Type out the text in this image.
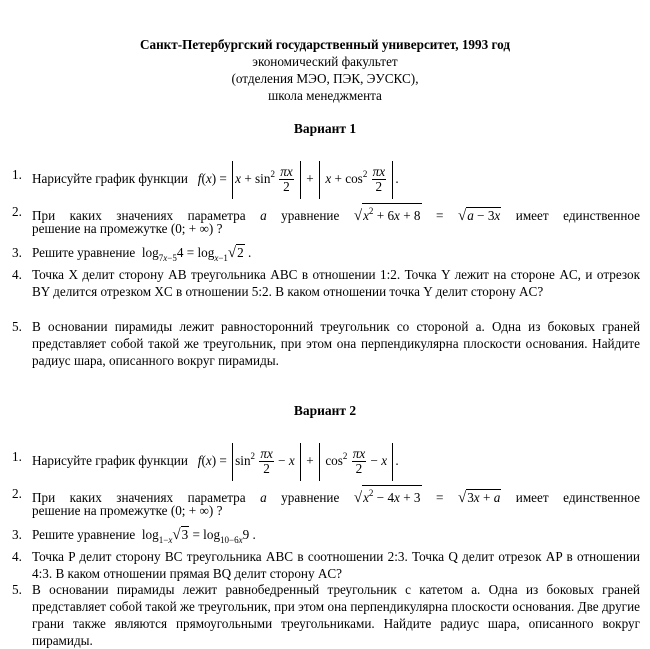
Санкт-Петербургский государственный университет, 1993 год
экономический факультет
(отделения МЭО, ПЭК, ЭУСКС),
школа менеджмента
Вариант 1
1. Нарисуйте график функции $f(x) = x + \sin^2 \frac{\pi x}{2} + x + \cos^2 \frac{\pi x}{2}$ .
2. При каких значениях параметра a уравнение $√x^2 + 6x + 8 = √a - 3x$ имеет единственное
решение на промежутке (0; + ∞) ?
3. Решите уравнение $\log_{7x-5}4 = \log_{x-1}√2$ .
4. Точка X делит сторону AB треугольника ABC в отношении 1:2. Точка Y лежит на стороне AC, и отрезок BY делится отрезком XC в отношении 5:2. В каком отношении точка Y делит сторону AC?
5. В основании пирамиды лежит равносторонний треугольник со стороной a. Одна из боковых граней представляет собой такой же треугольник, при этом она перпендикулярна плоскости основания. Найдите радиус шара, описанного вокруг пирамиды.
Вариант 2
1. Нарисуйте график функции $f(x) = \sin^2 \frac{\pi x}{2} - x + \cos^2 \frac{\pi x}{2} - x$ .
2. При каких значениях параметра a уравнение $√x^2 - 4x + 3 = √3x + a$ имеет единственное
решение на промежутке (0; + ∞) ?
3. Решите уравнение $\log_{1-x}√3 = \log_{10-6x}9$ .
4. Точка P делит сторону BC треугольника ABC в соотношении 2:3. Точка Q делит отрезок AP в отношении 4:3. В каком отношении прямая BQ делит сторону AC?
5. В основании пирамиды лежит равнобедренный треугольник с катетом a. Одна из боковых граней представляет собой такой же треугольник, при этом она перпендикулярна плоскости основания. Две другие грани также являются прямоугольными треугольниками. Найдите радиус шара, описанного вокруг пирамиды.
